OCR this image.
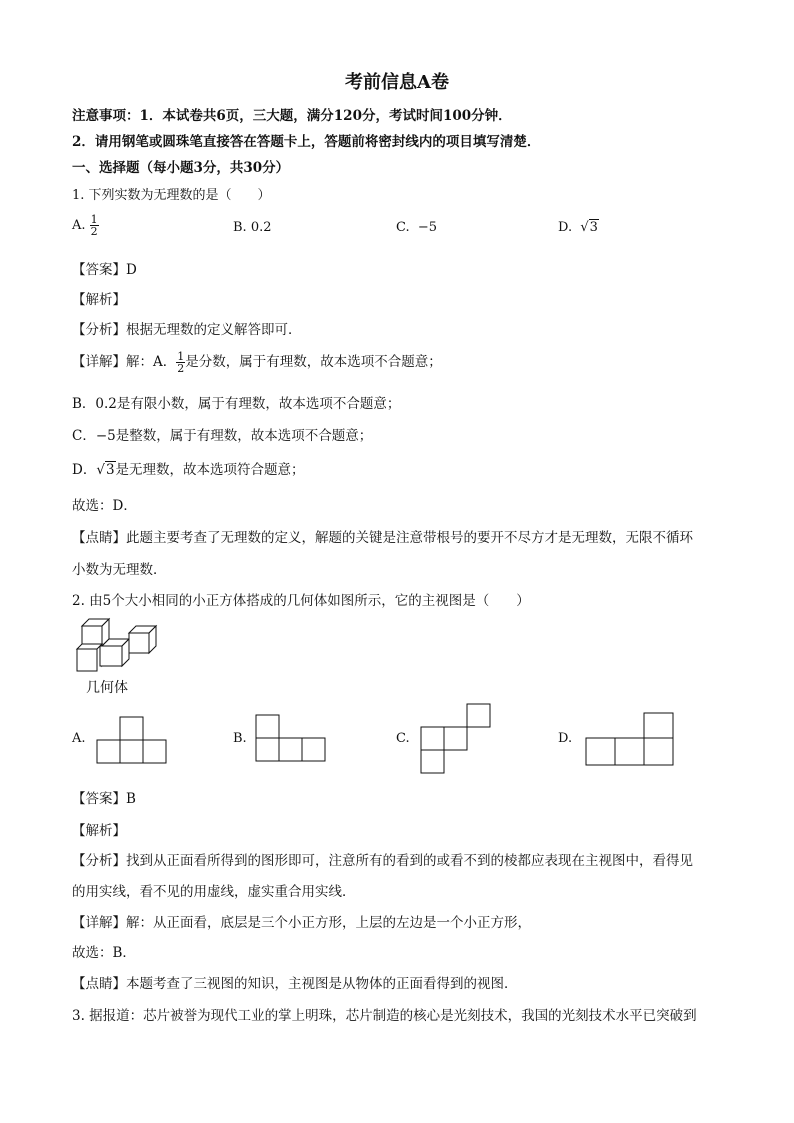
考前信息A卷
注意事项：1．本试卷共6页，三大题，满分120分，考试时间100分钟．
2．请用钢笔或圆珠笔直接答在答题卡上，答题前将密封线内的项目填写清楚．
一、选择题（每小题3分，共30分）
1. 下列实数为无理数的是（　　）
A. $\frac{1}{2}$	B. 0.2	C. −5	D. √3
【答案】D
【解析】
【分析】根据无理数的定义解答即可．
【详解】解：A． $\frac{1}{2}$ 是分数，属于有理数，故本选项不合题意；
B．0.2是有限小数，属于有理数，故本选项不合题意；
C．−5是整数，属于有理数，故本选项不合题意；
D．√3是无理数，故本选项符合题意；
故选：D．
【点睛】此题主要考查了无理数的定义，解题的关键是注意带根号的要开不尽方才是无理数，无限不循环
小数为无理数．
2. 由5个大小相同的小正方体搭成的几何体如图所示，它的主视图是（　　）
几何体
A.	B.	C.	D.
【答案】B
【解析】
【分析】找到从正面看所得到的图形即可，注意所有的看到的或看不到的棱都应表现在主视图中，看得见
的用实线，看不见的用虚线，虚实重合用实线．
【详解】解：从正面看，底层是三个小正方形，上层的左边是一个小正方形，
故选：B．
【点睛】本题考查了三视图的知识，主视图是从物体的正面看得到的视图．
3. 据报道：芯片被誉为现代工业的掌上明珠，芯片制造的核心是光刻技术，我国的光刻技术水平已突破到
